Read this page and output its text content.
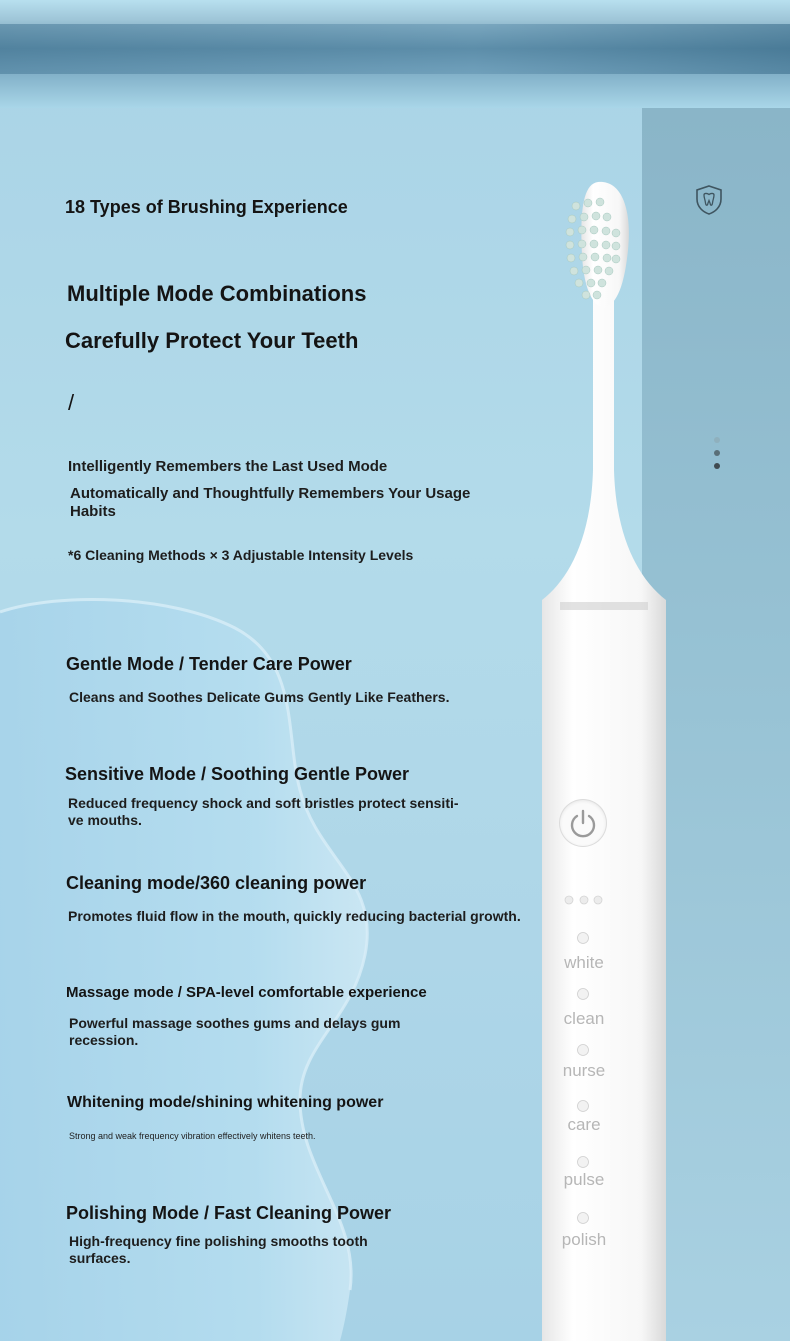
white
clean
nurse
care
pulse
polish
18 Types of Brushing Experience
Multiple Mode Combinations
Carefully Protect Your Teeth
/
Intelligently Remembers the Last Used Mode
Automatically and Thoughtfully Remembers Your Usage Habits
*6 Cleaning Methods × 3 Adjustable Intensity Levels
Gentle Mode / Tender Care Power
Cleans and Soothes Delicate Gums Gently Like Feathers.
Sensitive Mode / Soothing Gentle Power
Reduced frequency shock and soft bristles protect sensiti-ve mouths.
Cleaning mode/360 cleaning power
Promotes fluid flow in the mouth, quickly reducing bacterial growth.
Massage mode / SPA-level comfortable experience
Powerful massage soothes gums and delays gum recession.
Whitening mode/shining whitening power
Strong and weak frequency vibration effectively whitens teeth.
Polishing Mode / Fast Cleaning Power
High-frequency fine polishing smooths tooth surfaces.
